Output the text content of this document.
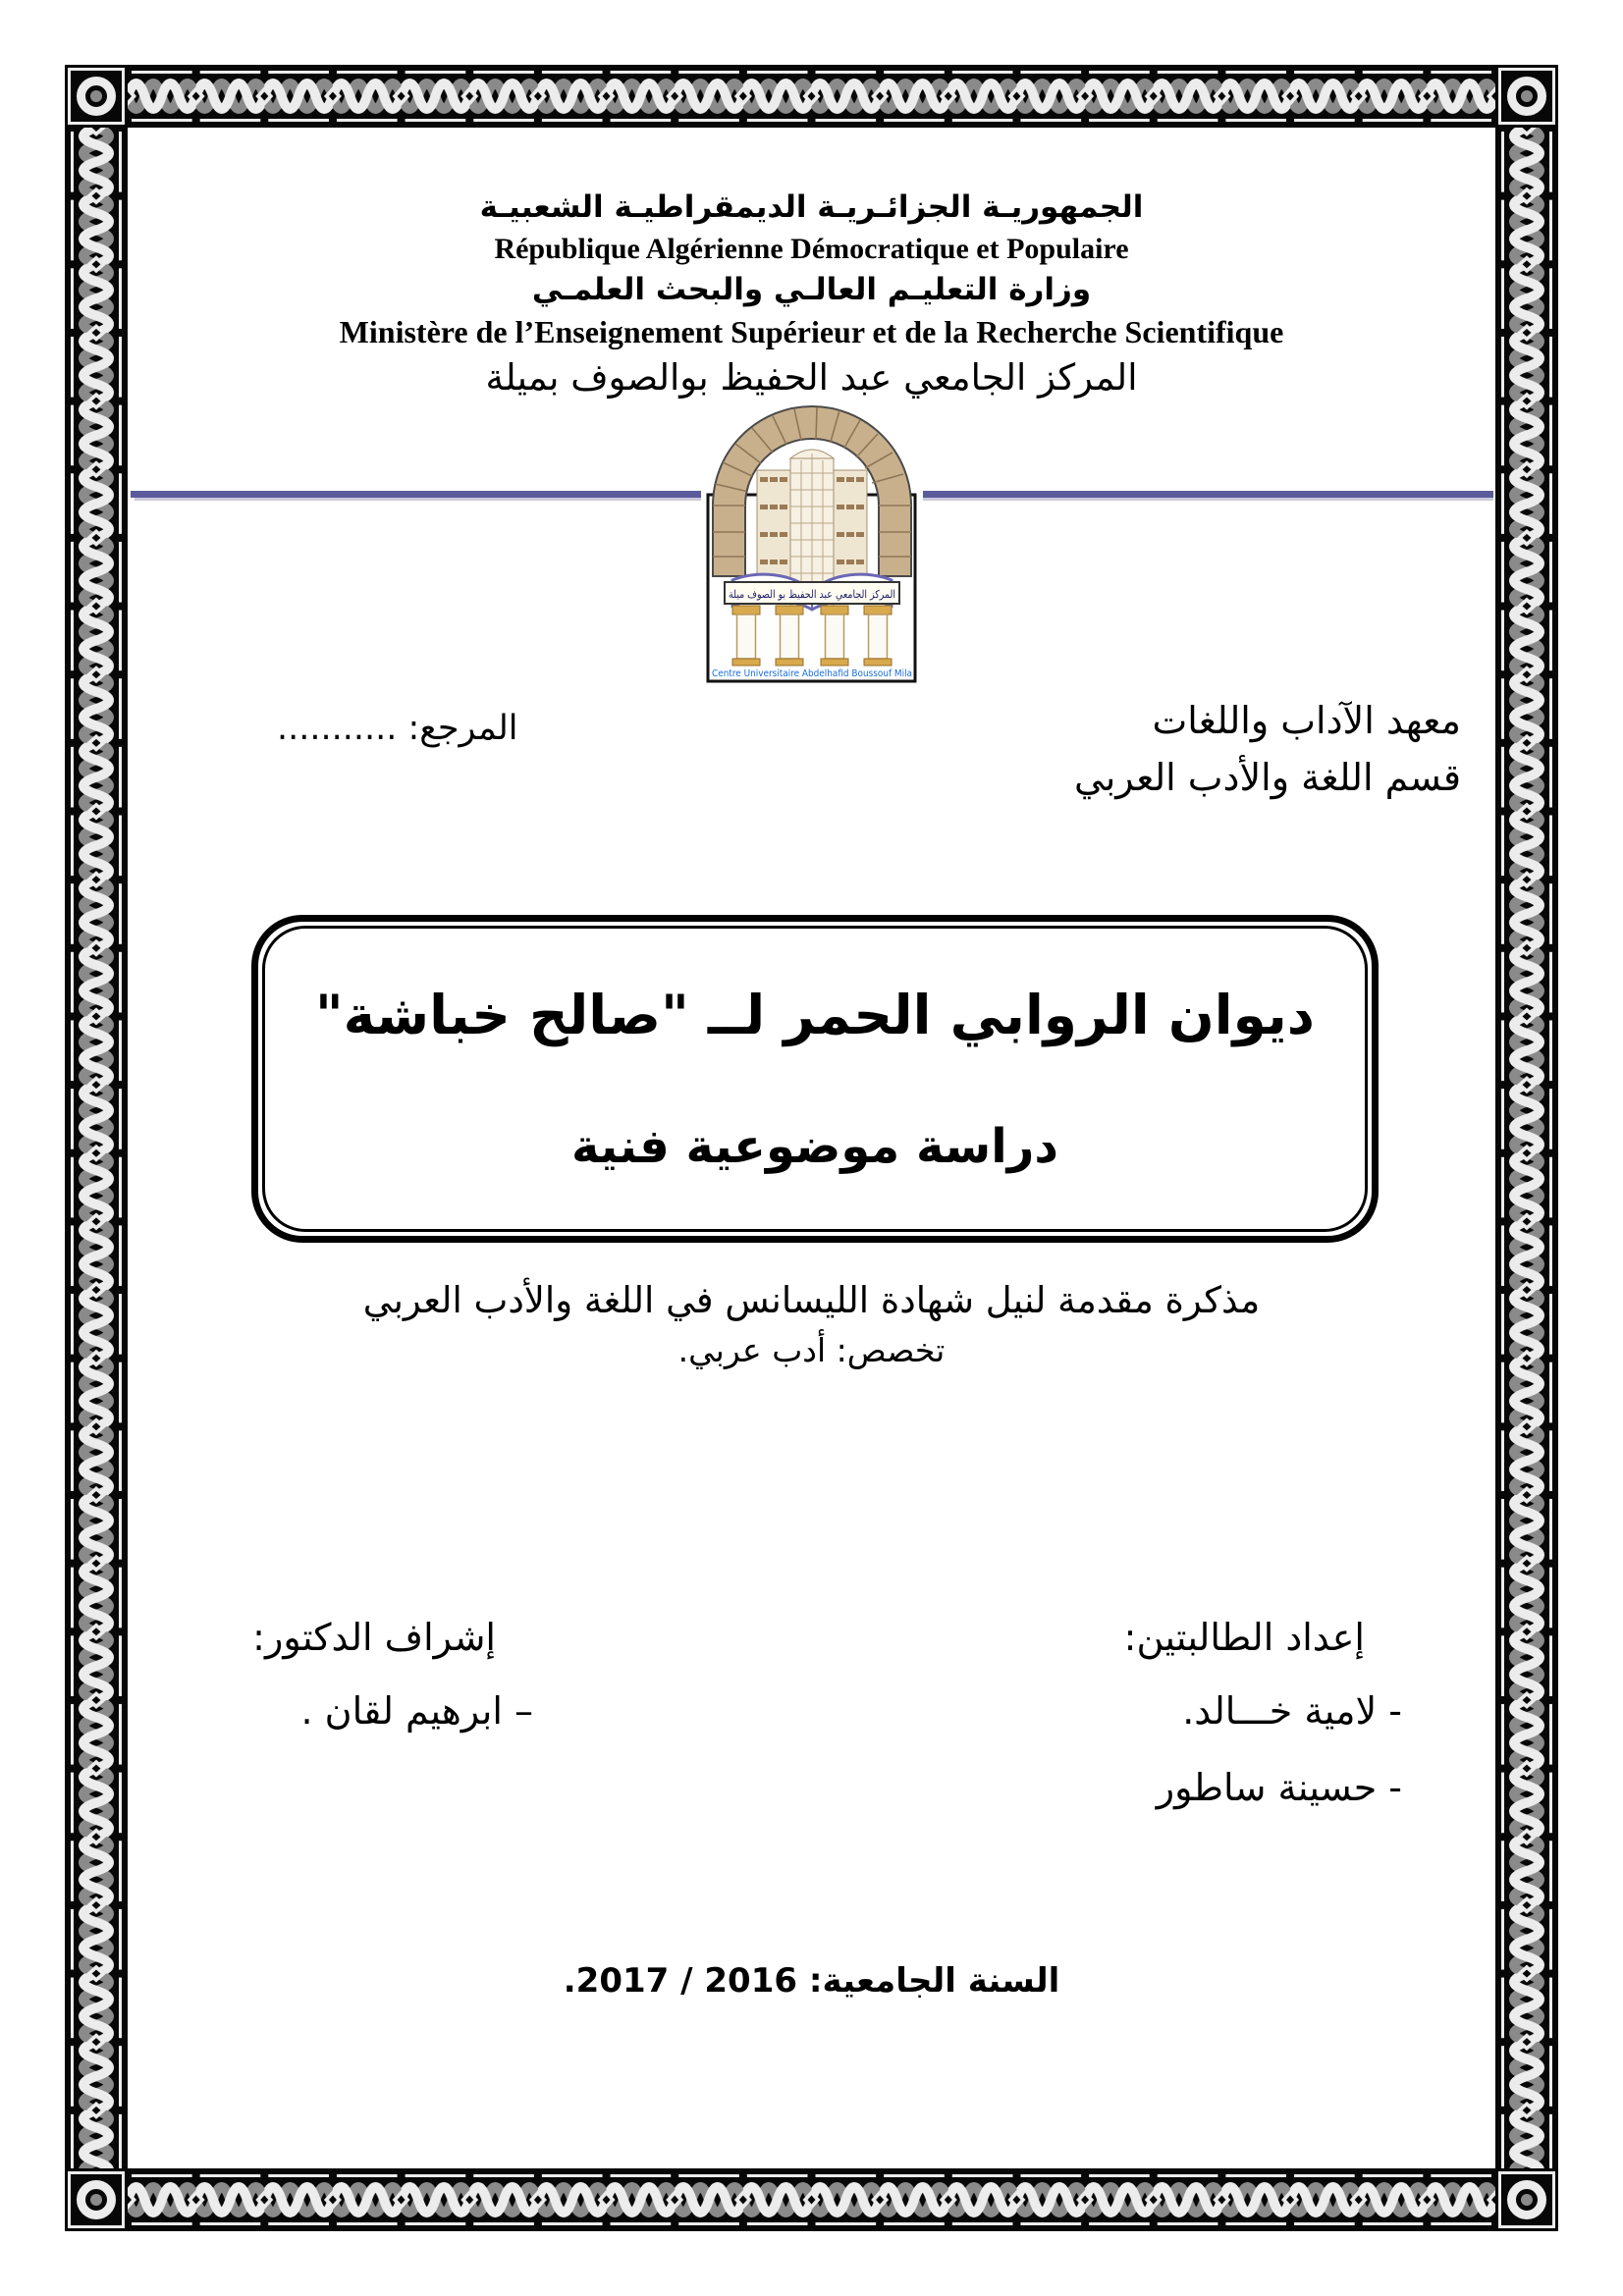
الجمهوريـة الجزائـريـة الديمقراطيـة الشعبيـة
République Algérienne Démocratique et Populaire
وزارة التعليـم العالـي والبحث العلمـي
Ministère de l’Enseignement Supérieur et de la Recherche Scientifique
المركز الجامعي عبد الحفيظ بوالصوف بميلة
المركز الجامعي عبد الحفيظ بو الصوف ميلة
Centre Universitaire Abdelhafid Boussouf Mila
معهد الآداب واللغات
قسم اللغة والأدب العربي
المرجع: ...........
ديوان الروابي الحمر لــ "صالح خباشة"
دراسة موضوعية فنية
مذكرة مقدمة لنيل شهادة الليسانس في اللغة والأدب العربي
تخصص: أدب عربي.
إعداد الطالبتين:
- لامية خـــالد.
- حسينة ساطور
إشراف الدكتور:
– ابرهيم لقان .
السنة الجامعية: 2016 / 2017.
